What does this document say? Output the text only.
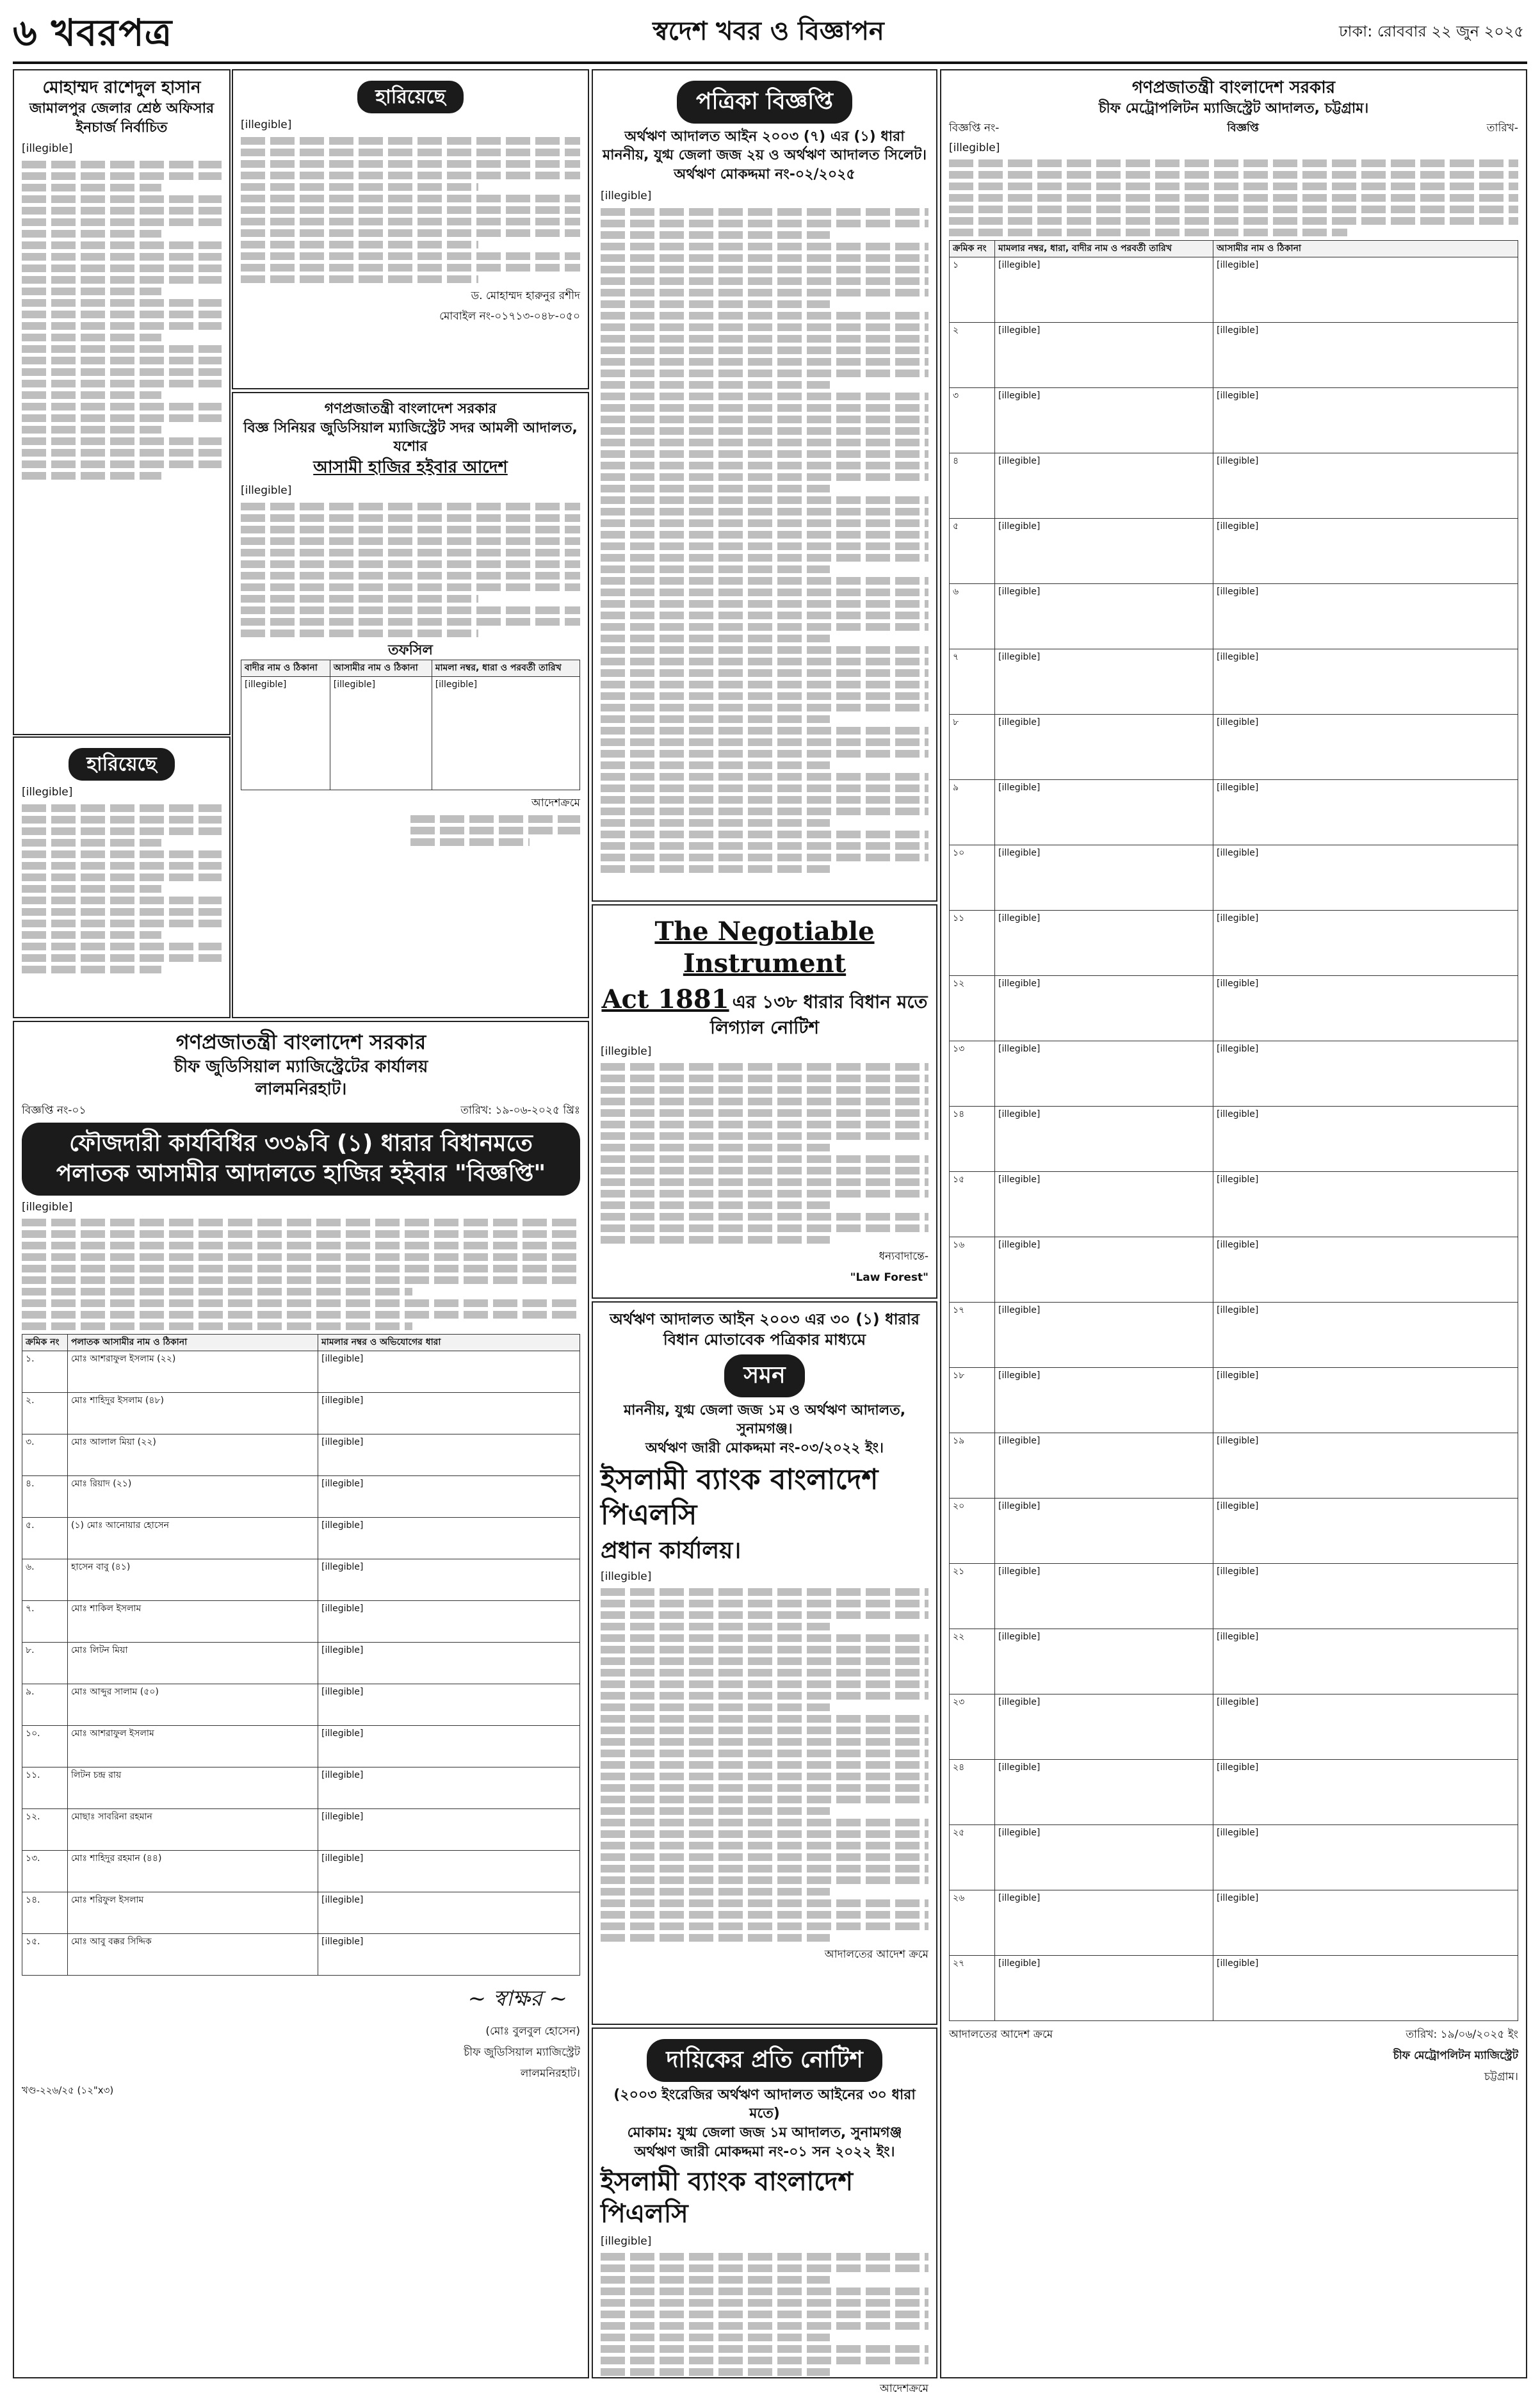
৬ খবরপত্র	স্বদেশ খবর ও বিজ্ঞাপন	ঢাকা: রোববার ২২ জুন ২০২৫

মোহাম্মদ রাশেদুল হাসান

জামালপুর জেলার শ্রেষ্ঠ অফিসার ইনচার্জ নির্বাচিত

[illegible]

হারিয়েছে

[illegible]

হারিয়েছে

[illegible]

ড. মোহাম্মদ হারুনুর রশীদ

মোবাইল নং-০১৭১৩-০৪৮-০৫০

গণপ্রজাতন্ত্রী বাংলাদেশ সরকার

বিজ্ঞ সিনিয়র জুডিসিয়াল ম্যাজিস্ট্রেট সদর আমলী আদালত, যশোর

আসামী হাজির হইবার আদেশ

[illegible]

তফসিল

বাদীর নাম ও ঠিকানা	আসামীর নাম ও ঠিকানা	মামলা নম্বর, ধারা ও পরবর্তী তারিখ
[illegible]	[illegible]	[illegible]

আদেশক্রমে

গণপ্রজাতন্ত্রী বাংলাদেশ সরকার

চীফ জুডিসিয়াল ম্যাজিস্ট্রেটের কার্যালয়

লালমনিরহাট।

বিজ্ঞপ্তি নং-০১	তারিখ: ১৯-০৬-২০২৫ খ্রিঃ
ফৌজদারী কার্যবিধির ৩৩৯বি (১) ধারার বিধানমতে পলাতক আসামীর আদালতে হাজির হইবার "বিজ্ঞপ্তি"

[illegible]

ক্রমিক নং	পলাতক আসামীর নাম ও ঠিকানা	মামলার নম্বর ও অভিযোগের ধারা
১.	মোঃ আশরাফুল ইসলাম (২২)	[illegible]
২.	মোঃ শাহিদুর ইসলাম (৪৮)	[illegible]
৩.	মোঃ আলাল মিয়া (২২)	[illegible]
৪.	মোঃ রিয়াদ (২১)	[illegible]
৫.	(১) মোঃ আনোয়ার হোসেন	[illegible]
৬.	হাসেন বাবু (৪১)	[illegible]
৭.	মোঃ শাকিল ইসলাম	[illegible]
৮.	মোঃ লিটন মিয়া	[illegible]
৯.	মোঃ আব্দুর সালাম (৫০)	[illegible]
১০.	মোঃ আশরাফুল ইসলাম	[illegible]
১১.	লিটন চন্দ্র রায়	[illegible]
১২.	মোছাঃ সাবরিনা রহমান	[illegible]
১৩.	মোঃ শাহিদুর রহমান (৪৪)	[illegible]
১৪.	মোঃ শরিফুল ইসলাম	[illegible]
১৫.	মোঃ আবু বক্কর সিদ্দিক	[illegible]
~ স্বাক্ষর ~

(মোঃ বুলবুল হোসেন)

চীফ জুডিসিয়াল ম্যাজিস্ট্রেট

লালমনিরহাট।

খণ্ড-২২৬/২৫ (১২"x৩)

পত্রিকা বিজ্ঞপ্তি

অর্থঋণ আদালত আইন ২০০৩ (৭) এর (১) ধারা

মাননীয়, যুগ্ম জেলা জজ ২য় ও অর্থঋণ আদালত সিলেট।

অর্থঋণ মোকদ্দমা নং-০২/২০২৫

[illegible]

The Negotiable Instrument

Act 1881 এর ১৩৮ ধারার বিধান মতে লিগ্যাল নোটিশ

[illegible]

ধন্যবাদান্তে-

"Law Forest"

অর্থঋণ আদালত আইন ২০০৩ এর ৩০ (১) ধারার বিধান মোতাবেক পত্রিকার মাধ্যমে

সমন

মাননীয়, যুগ্ম জেলা জজ ১ম ও অর্থঋণ আদালত, সুনামগঞ্জ।

অর্থঋণ জারী মোকদ্দমা নং-০৩/২০২২ ইং।

ইসলামী ব্যাংক বাংলাদেশ পিএলসি

প্রধান কার্যালয়।

[illegible]

আদালতের আদেশ ক্রমে

দায়িকের প্রতি নোটিশ

(২০০৩ ইংরেজির অর্থঋণ আদালত আইনের ৩০ ধারা মতে)

মোকাম: যুগ্ম জেলা জজ ১ম আদালত, সুনামগঞ্জ

অর্থঋণ জারী মোকদ্দমা নং-০১ সন ২০২২ ইং।

ইসলামী ব্যাংক বাংলাদেশ পিএলসি

[illegible]

আদেশক্রমে

গণপ্রজাতন্ত্রী বাংলাদেশ সরকার

চীফ মেট্রোপলিটন ম্যাজিস্ট্রেট আদালত, চট্টগ্রাম।

বিজ্ঞপ্তি নং-	বিজ্ঞপ্তি	তারিখ-

[illegible]

ক্রমিক নং	মামলার নম্বর, ধারা, বাদীর নাম ও পরবর্তী তারিখ	আসামীর নাম ও ঠিকানা
১	[illegible]	[illegible]
২	[illegible]	[illegible]
৩	[illegible]	[illegible]
৪	[illegible]	[illegible]
৫	[illegible]	[illegible]
৬	[illegible]	[illegible]
৭	[illegible]	[illegible]
৮	[illegible]	[illegible]
৯	[illegible]	[illegible]
১০	[illegible]	[illegible]
১১	[illegible]	[illegible]
১২	[illegible]	[illegible]
১৩	[illegible]	[illegible]
১৪	[illegible]	[illegible]
১৫	[illegible]	[illegible]
১৬	[illegible]	[illegible]
১৭	[illegible]	[illegible]
১৮	[illegible]	[illegible]
১৯	[illegible]	[illegible]
২০	[illegible]	[illegible]
২১	[illegible]	[illegible]
২২	[illegible]	[illegible]
২৩	[illegible]	[illegible]
২৪	[illegible]	[illegible]
২৫	[illegible]	[illegible]
২৬	[illegible]	[illegible]
২৭	[illegible]	[illegible]
আদালতের আদেশ ক্রমে	তারিখ: ১৯/০৬/২০২৫ ইং

চীফ মেট্রোপলিটন ম্যাজিস্ট্রেট

চট্টগ্রাম।
